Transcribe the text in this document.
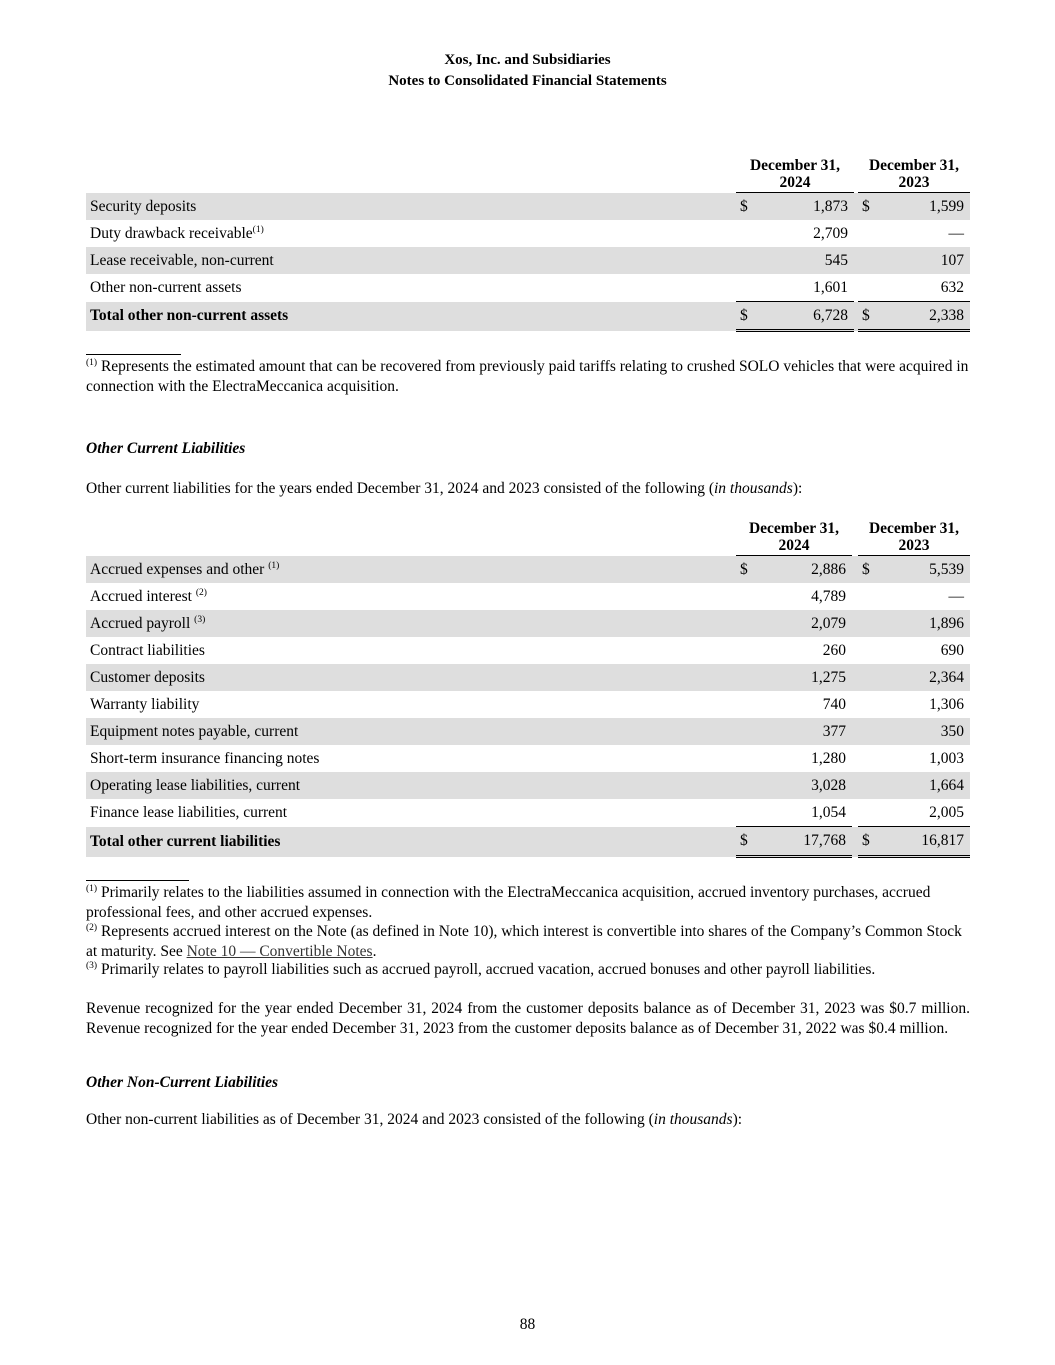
Xos, Inc. and Subsidiaries
Notes to Consolidated Financial Statements

		December 31,
2024			December 31,
2023	

Security deposits		$	1,873		$	1,599
Duty drawback receivable$^{(1)}$			2,709			—
Lease receivable, non-current			545			107
Other non-current assets			1,601			632
Total other non-current assets		$	6,728		$	2,338
$^{(1)}$ Represents the estimated amount that can be recovered from previously paid tariffs relating to crushed SOLO vehicles that were acquired in connection with the ElectraMeccanica acquisition.
Other Current Liabilities
Other current liabilities for the years ended December 31, 2024 and 2023 consisted of the following (in thousands):

		December 31,
2024			December 31,
2023	

Accrued expenses and other $^{(1)}$		$	2,886		$	5,539
Accrued interest $^{(2)}$			4,789			—
Accrued payroll $^{(3)}$			2,079			1,896
Contract liabilities			260			690
Customer deposits			1,275			2,364
Warranty liability			740			1,306
Equipment notes payable, current			377			350
Short-term insurance financing notes			1,280			1,003
Operating lease liabilities, current			3,028			1,664
Finance lease liabilities, current			1,054			2,005
Total other current liabilities		$	17,768		$	16,817
$^{(1)}$ Primarily relates to the liabilities assumed in connection with the ElectraMeccanica acquisition, accrued inventory purchases, accrued professional fees, and other accrued expenses.
$^{(2)}$ Represents accrued interest on the Note (as defined in Note 10), which interest is convertible into shares of the Company’s Common Stock at maturity. See Note 10 — Convertible Notes.
$^{(3)}$ Primarily relates to payroll liabilities such as accrued payroll, accrued vacation, accrued bonuses and other payroll liabilities.
Revenue recognized for the year ended December 31, 2024 from the customer deposits balance as of December 31, 2023 was $0.7 million. Revenue recognized for the year ended December 31, 2023 from the customer deposits balance as of December 31, 2022 was $0.4 million.
Other Non-Current Liabilities
Other non-current liabilities as of December 31, 2024 and 2023 consisted of the following (in thousands):
88
